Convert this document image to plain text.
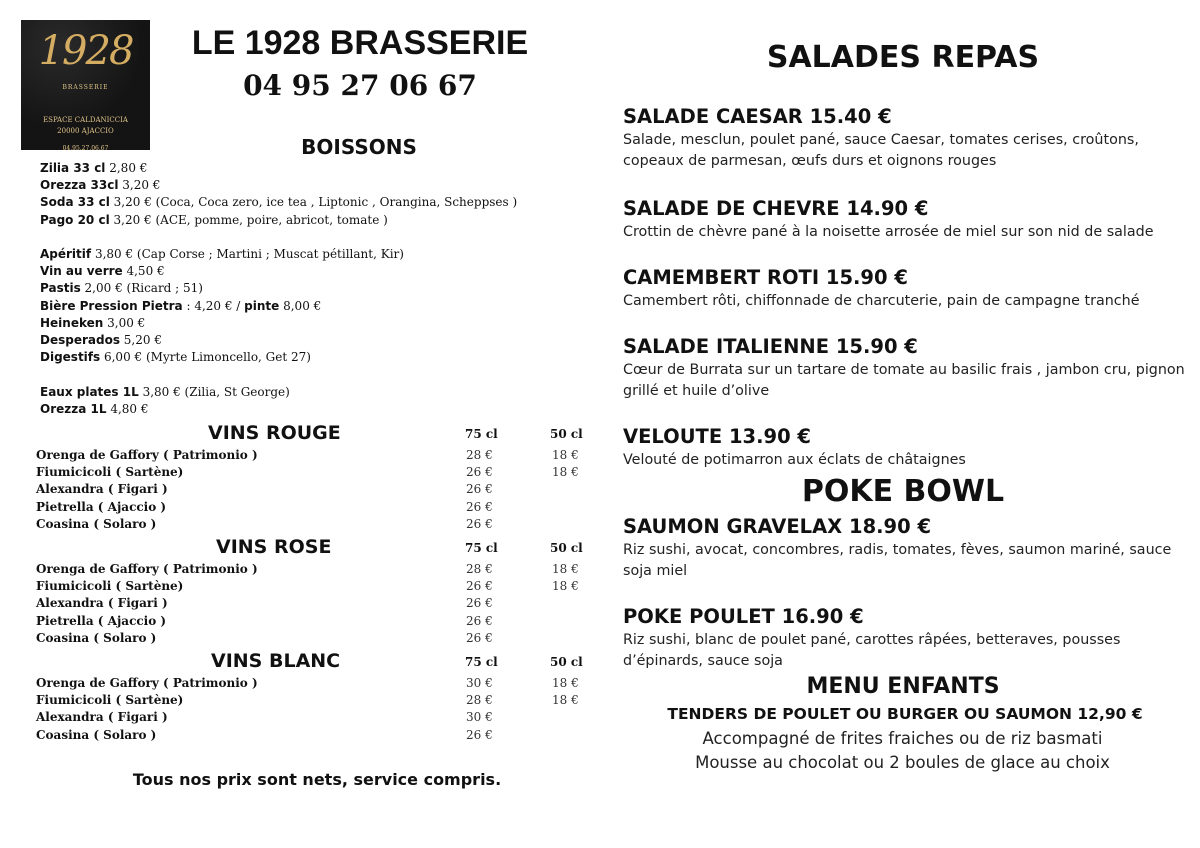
1928
BRASSERIE
ESPACE CALDANICCIA
20000 AJACCIO
04.95.27.06.67
LE 1928 BRASSERIE
04 95 27 06 67
BOISSONS
Zilia 33 cl 2,80 €
Orezza 33cl 3,20 €
Soda 33 cl 3,20 € (Coca, Coca zero, ice tea , Liptonic , Orangina, Scheppses )
Pago 20 cl 3,20 € (ACE, pomme, poire, abricot, tomate )
Apéritif 3,80 € (Cap Corse ; Martini ; Muscat pétillant, Kir)
Vin au verre 4,50 €
Pastis 2,00 € (Ricard ; 51)
Bière Pression Pietra : 4,20 € / pinte 8,00 €
Heineken 3,00 €
Desperados 5,20 €
Digestifs 6,00 € (Myrte Limoncello, Get 27)
Eaux plates 1L 3,80 € (Zilia, St George)
Orezza 1L 4,80 €
VINS ROUGE	75 cl	50 cl
Orenga de Gaffory ( Patrimonio )	28 €	18 €
Fiumicicoli ( Sartène)	26 €	18 €
Alexandra ( Figari )	26 €
Pietrella ( Ajaccio )	26 €
Coasina ( Solaro )	26 €
VINS ROSE	75 cl	50 cl
Orenga de Gaffory ( Patrimonio )	28 €	18 €
Fiumicicoli ( Sartène)	26 €	18 €
Alexandra ( Figari )	26 €
Pietrella ( Ajaccio )	26 €
Coasina ( Solaro )	26 €
VINS BLANC	75 cl	50 cl
Orenga de Gaffory ( Patrimonio )	30 €	18 €
Fiumicicoli ( Sartène)	28 €	18 €
Alexandra ( Figari )	30 €
Coasina ( Solaro )	26 €
Tous nos prix sont nets, service compris.
SALADES REPAS
SALADE CAESAR 15.40 €
Salade, mesclun, poulet pané, sauce Caesar, tomates cerises, croûtons, copeaux de parmesan, œufs durs et oignons rouges
SALADE DE CHEVRE 14.90 €
Crottin de chèvre pané à la noisette arrosée de miel sur son nid de salade
CAMEMBERT ROTI 15.90 €
Camembert rôti, chiffonnade de charcuterie, pain de campagne tranché
SALADE ITALIENNE 15.90 €
Cœur de Burrata sur un tartare de tomate au basilic frais , jambon cru, pignon grillé et huile d’olive
VELOUTE 13.90 €
Velouté de potimarron aux éclats de châtaignes
POKE BOWL
SAUMON GRAVELAX 18.90 €
Riz sushi, avocat, concombres, radis, tomates, fèves, saumon mariné, sauce soja miel
POKE POULET 16.90 €
Riz sushi, blanc de poulet pané, carottes râpées, betteraves, pousses d’épinards, sauce soja
MENU ENFANTS
TENDERS DE POULET OU BURGER OU SAUMON 12,90 €
Accompagné de frites fraiches ou de riz basmati
Mousse au chocolat ou 2 boules de glace au choix
